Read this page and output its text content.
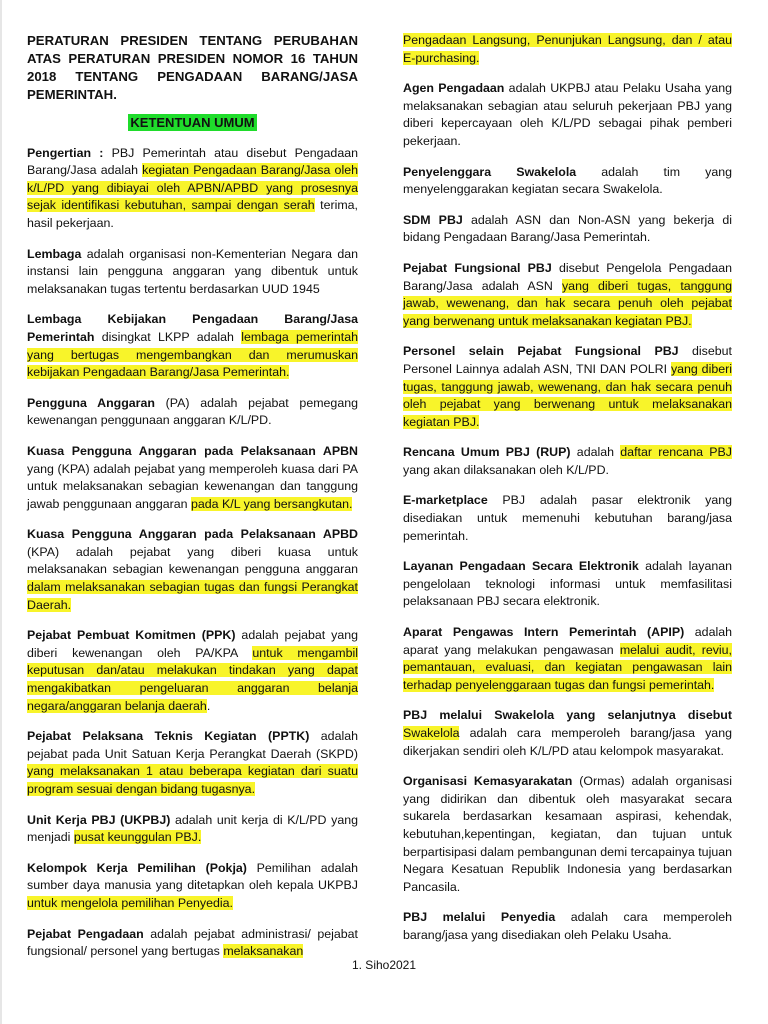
PERATURAN PRESIDEN TENTANG PERUBAHAN ATAS PERATURAN PRESIDEN NOMOR 16 TAHUN 2018 TENTANG PENGADAAN BARANG/JASA PEMERINTAH.

KETENTUAN UMUM

Pengertian : PBJ Pemerintah atau disebut Pengadaan Barang/Jasa adalah kegiatan Pengadaan Barang/Jasa oleh k/L/PD yang dibiayai oleh APBN/APBD yang prosesnya sejak identifikasi kebutuhan, sampai dengan serah terima, hasil pekerjaan.

Lembaga adalah organisasi non-Kementerian Negara dan instansi lain pengguna anggaran yang dibentuk untuk melaksanakan tugas tertentu berdasarkan UUD 1945

Lembaga Kebijakan Pengadaan Barang/Jasa Pemerintah disingkat LKPP adalah lembaga pemerintah yang bertugas mengembangkan dan merumuskan kebijakan Pengadaan Barang/Jasa Pemerintah.

Pengguna Anggaran (PA) adalah pejabat pemegang kewenangan penggunaan anggaran K/L/PD.

Kuasa Pengguna Anggaran pada Pelaksanaan APBN yang (KPA) adalah pejabat yang memperoleh kuasa dari PA untuk melaksanakan sebagian kewenangan dan tanggung jawab penggunaan anggaran pada K/L yang bersangkutan.

Kuasa Pengguna Anggaran pada Pelaksanaan APBD (KPA) adalah pejabat yang diberi kuasa untuk melaksanakan sebagian kewenangan pengguna anggaran dalam melaksanakan sebagian tugas dan fungsi Perangkat Daerah.

Pejabat Pembuat Komitmen (PPK) adalah pejabat yang diberi kewenangan oleh PA/KPA untuk mengambil keputusan dan/atau melakukan tindakan yang dapat mengakibatkan pengeluaran anggaran belanja negara/anggaran belanja daerah.

Pejabat Pelaksana Teknis Kegiatan (PPTK) adalah pejabat pada Unit Satuan Kerja Perangkat Daerah (SKPD) yang melaksanakan 1 atau beberapa kegiatan dari suatu program sesuai dengan bidang tugasnya.

Unit Kerja PBJ (UKPBJ) adalah unit kerja di K/L/PD yang menjadi pusat keunggulan PBJ.

Kelompok Kerja Pemilihan (Pokja) Pemilihan adalah sumber daya manusia yang ditetapkan oleh kepala UKPBJ untuk mengelola pemilihan Penyedia.

Pejabat Pengadaan adalah pejabat administrasi/ pejabat fungsional/ personel yang bertugas melaksanakan

Pengadaan Langsung, Penunjukan Langsung, dan / atau E-purchasing.

Agen Pengadaan adalah UKPBJ atau Pelaku Usaha yang melaksanakan sebagian atau seluruh pekerjaan PBJ yang diberi kepercayaan oleh K/L/PD sebagai pihak pemberi pekerjaan.

Penyelenggara Swakelola adalah tim yang menyelenggarakan kegiatan secara Swakelola.

SDM PBJ adalah ASN dan Non-ASN yang bekerja di bidang Pengadaan Barang/Jasa Pemerintah.

Pejabat Fungsional PBJ disebut Pengelola Pengadaan Barang/Jasa adalah ASN yang diberi tugas, tanggung jawab, wewenang, dan hak secara penuh oleh pejabat yang berwenang untuk melaksanakan kegiatan PBJ.

Personel selain Pejabat Fungsional PBJ disebut Personel Lainnya adalah ASN, TNI DAN POLRI yang diberi tugas, tanggung jawab, wewenang, dan hak secara penuh oleh pejabat yang berwenang untuk melaksanakan kegiatan PBJ.

Rencana Umum PBJ (RUP) adalah daftar rencana PBJ yang akan dilaksanakan oleh K/L/PD.

E-marketplace PBJ adalah pasar elektronik yang disediakan untuk memenuhi kebutuhan barang/jasa pemerintah.

Layanan Pengadaan Secara Elektronik adalah layanan pengelolaan teknologi informasi untuk memfasilitasi pelaksanaan PBJ secara elektronik.

Aparat Pengawas Intern Pemerintah (APIP) adalah aparat yang melakukan pengawasan melalui audit, reviu, pemantauan, evaluasi, dan kegiatan pengawasan lain terhadap penyelenggaraan tugas dan fungsi pemerintah.

PBJ melalui Swakelola yang selanjutnya disebut Swakelola adalah cara memperoleh barang/jasa yang dikerjakan sendiri oleh K/L/PD atau kelompok masyarakat.

Organisasi Kemasyarakatan (Ormas) adalah organisasi yang didirikan dan dibentuk oleh masyarakat secara sukarela berdasarkan kesamaan aspirasi, kehendak, kebutuhan,kepentingan, kegiatan, dan tujuan untuk berpartisipasi dalam pembangunan demi tercapainya tujuan Negara Kesatuan Republik Indonesia yang berdasarkan Pancasila.

PBJ melalui Penyedia adalah cara memperoleh barang/jasa yang disediakan oleh Pelaku Usaha.

1. Siho2021
